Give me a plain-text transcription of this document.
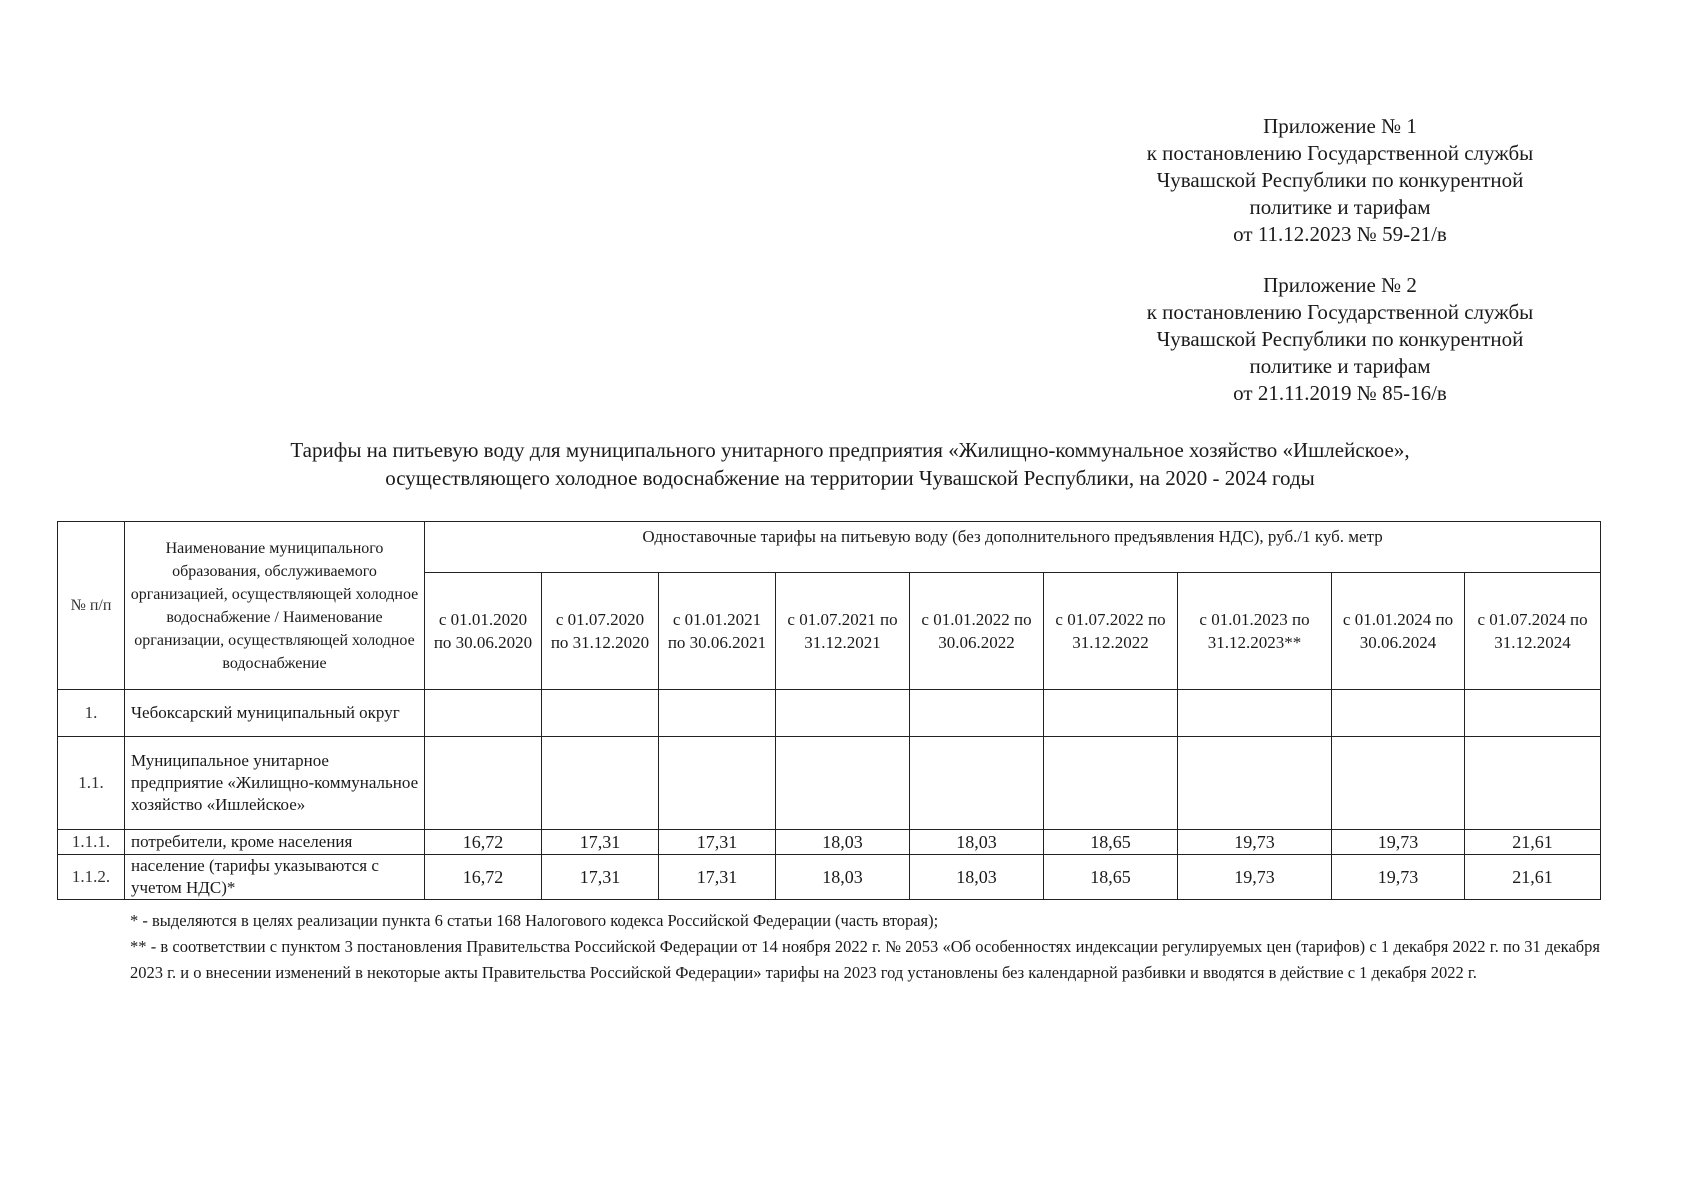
Приложение № 1
к постановлению Государственной службы
Чувашской Республики по конкурентной
политике и тарифам
от 11.12.2023 № 59-21/в
Приложение № 2
к постановлению Государственной службы
Чувашской Республики по конкурентной
политике и тарифам
от 21.11.2019 № 85-16/в
Тарифы на питьевую воду для муниципального унитарного предприятия «Жилищно-коммунальное хозяйство «Ишлейское»,
осуществляющего холодное водоснабжение на территории Чувашской Республики, на 2020 - 2024 годы
№ п/п	Наименование муниципального образования, обслуживаемого организацией, осуществляющей холодное водоснабжение / Наименование организации, осуществляющей холодное водоснабжение	Одноставочные тарифы на питьевую воду (без дополнительного предъявления НДС), руб./1 куб. метр								
		с 01.01.2020 по 30.06.2020	с 01.07.2020 по 31.12.2020	с 01.01.2021 по 30.06.2021	с 01.07.2021 по 31.12.2021	с 01.01.2022 по 30.06.2022	с 01.07.2022 по 31.12.2022	с 01.01.2023 по 31.12.2023**	с 01.01.2024 по 30.06.2024	с 01.07.2024 по 31.12.2024
1.	Чебоксарский муниципальный округ									
1.1.	Муниципальное унитарное предприятие «Жилищно-коммунальное хозяйство «Ишлейское»									
1.1.1.	потребители, кроме населения	16,72	17,31	17,31	18,03	18,03	18,65	19,73	19,73	21,61
1.1.2.	население (тарифы указываются с учетом НДС)*	16,72	17,31	17,31	18,03	18,03	18,65	19,73	19,73	21,61

* - выделяются в целях реализации пункта 6 статьи 168 Налогового кодекса Российской Федерации (часть вторая);

** - в соответствии с пунктом 3 постановления Правительства Российской Федерации от 14 ноября 2022 г. № 2053 «Об особенностях индексации регулируемых цен (тарифов) с 1 декабря 2022 г. по 31 декабря 2023 г. и о внесении изменений в некоторые акты Правительства Российской Федерации» тарифы на 2023 год установлены без календарной разбивки и вводятся в действие с 1 декабря 2022 г.
